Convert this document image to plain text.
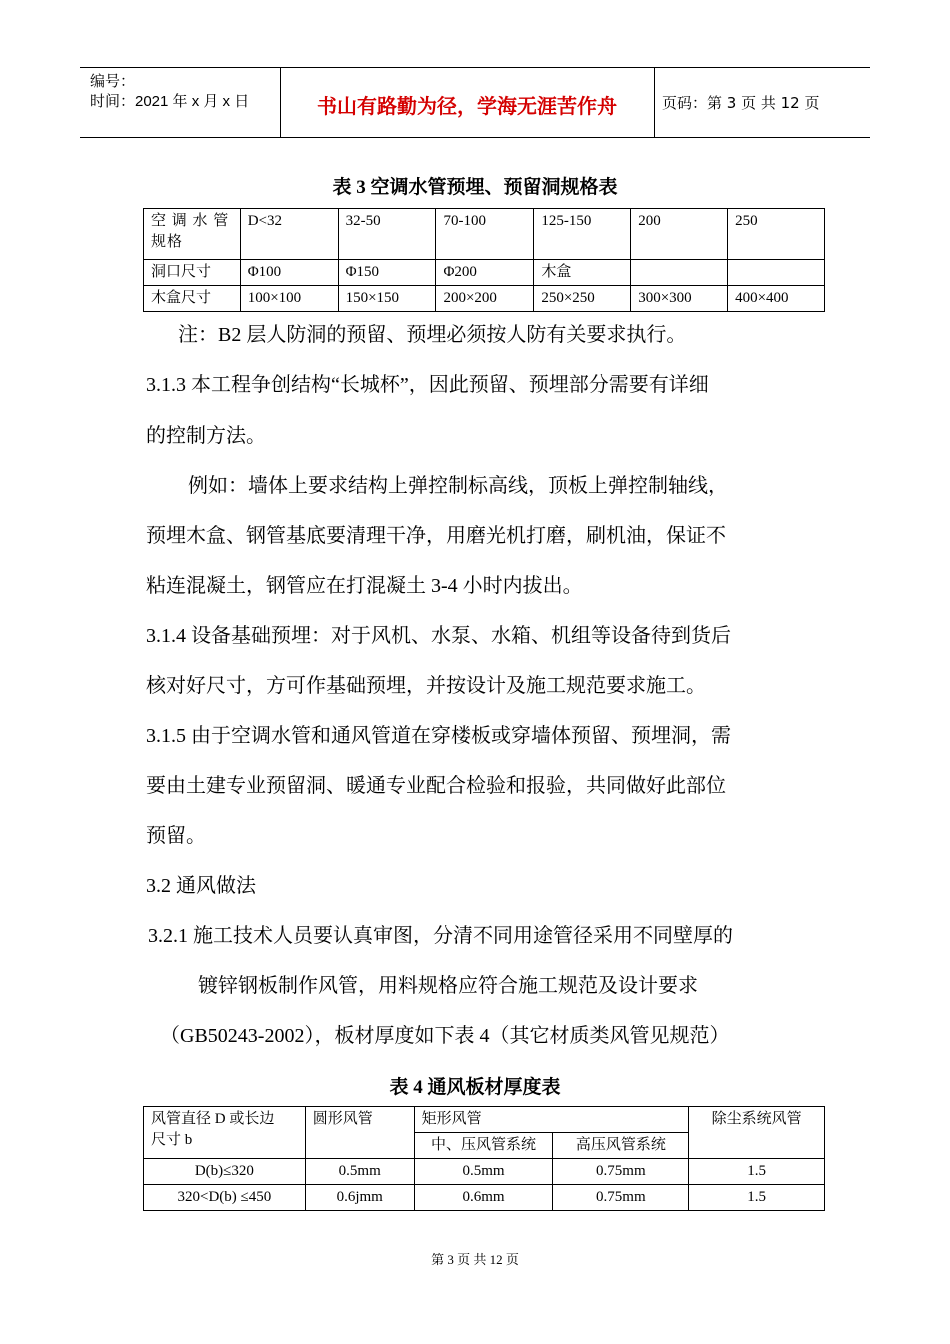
编号：
时间：2021 年 x 月 x 日	书山有路勤为径，学海无涯苦作舟	页码：第 3 页 共 12 页
表 3 空调水管预埋、预留洞规格表
空 调 水 管
规格	D<32	32-50	70-100	125-150	200	250
洞口尺寸	Φ100	Φ150	Φ200	木盒		
木盒尺寸	100×100	150×150	200×200	250×250	300×300	400×400
注：B2 层人防洞的预留、预埋必须按人防有关要求执行。
3.1.3 本工程争创结构“长城杯”，因此预留、预埋部分需要有详细
的控制方法。
例如：墙体上要求结构上弹控制标高线，顶板上弹控制轴线，
预埋木盒、钢管基底要清理干净，用磨光机打磨，刷机油，保证不
粘连混凝土，钢管应在打混凝土 3-4 小时内拔出。
3.1.4 设备基础预埋：对于风机、水泵、水箱、机组等设备待到货后
核对好尺寸，方可作基础预埋，并按设计及施工规范要求施工。
3.1.5 由于空调水管和通风管道在穿楼板或穿墙体预留、预埋洞，需
要由土建专业预留洞、暖通专业配合检验和报验，共同做好此部位
预留。
3.2 通风做法
3.2.1 施工技术人员要认真审图，分清不同用途管径采用不同壁厚的
镀锌钢板制作风管，用料规格应符合施工规范及设计要求
（GB50243-2002），板材厚度如下表 4（其它材质类风管见规范）
表 4 通风板材厚度表
风管直径 D 或长边
尺寸 b	圆形风管	矩形风管		除尘系统风管
		中、压风管系统	高压风管系统	
D(b)≤320	0.5mm	0.5mm	0.75mm	1.5
320<D(b) ≤450	0.6jmm	0.6mm	0.75mm	1.5
第 3 页 共 12 页
